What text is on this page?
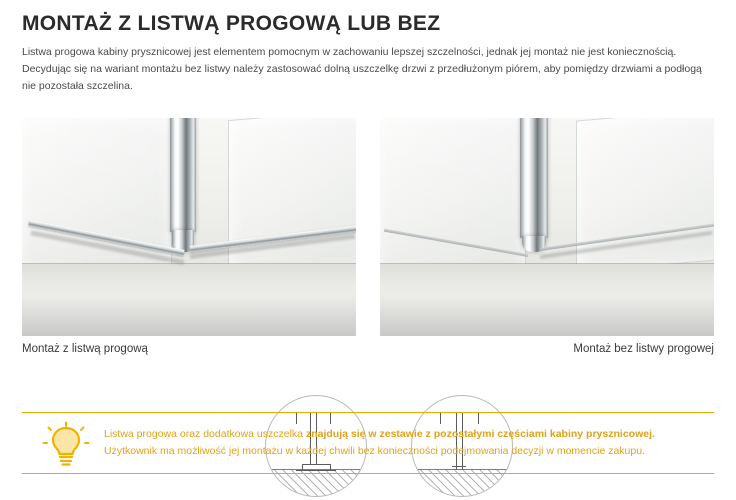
MONTAŻ Z LISTWĄ PROGOWĄ LUB BEZ

Listwa progowa kabiny prysznicowej jest elementem pomocnym w zachowaniu lepszej szczelności, jednak jej montaż nie jest koniecznością. Decydując się na wariant montażu bez listwy należy zastosować dolną uszczelkę drzwi z przedłużonym piórem, aby pomiędzy drzwiami a podłogą nie pozostała szczelina.

Montaż z listwą progową	Montaż bez listwy progowej

Listwa progowa oraz dodatkowa uszczelka znajdują się w zestawie z pozostałymi częściami kabiny prysznicowej.

Użytkownik ma możliwość jej montażu w każdej chwili bez konieczności podejmowania decyzji w momencie zakupu.
